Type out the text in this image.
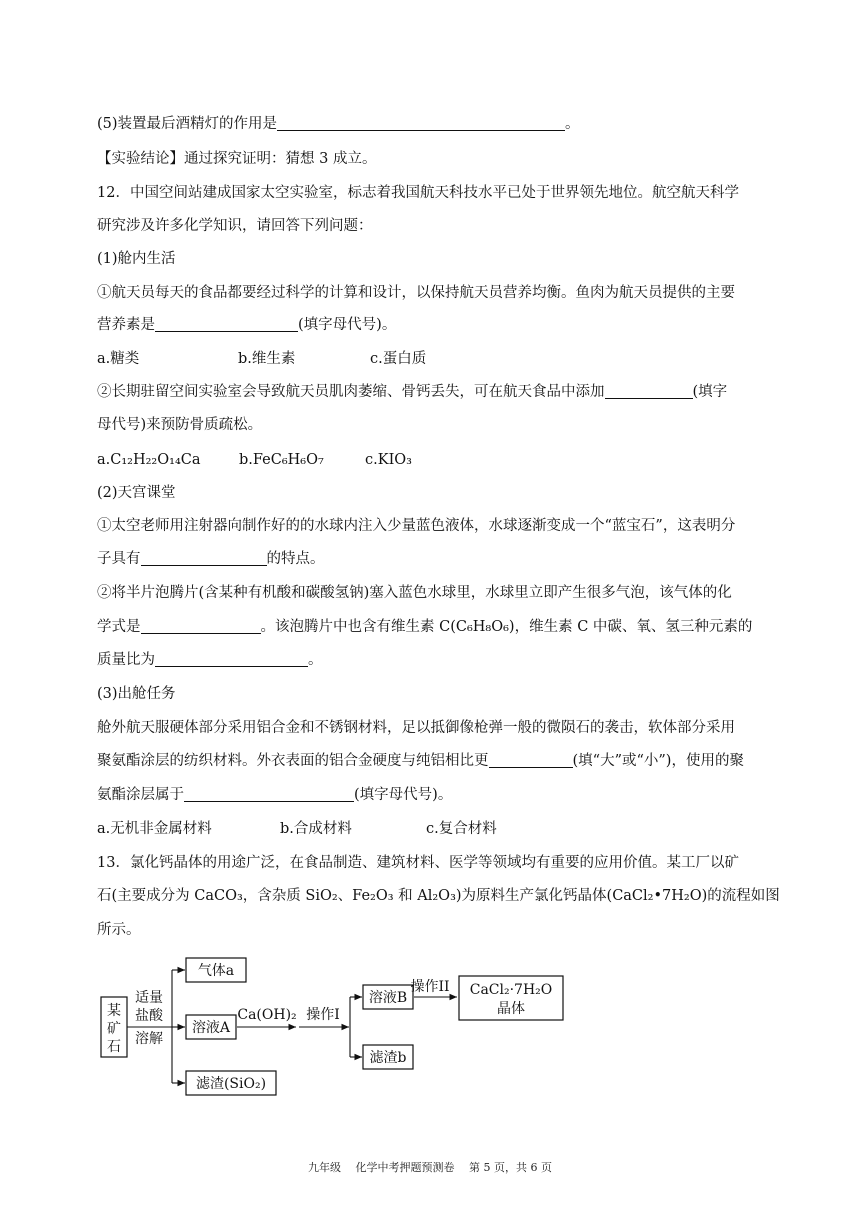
(5)装置最后酒精灯的作用是	。
【实验结论】通过探究证明：猜想 3 成立。
12．中国空间站建成国家太空实验室，标志着我国航天科技水平已处于世界领先地位。航空航天科学
研究涉及许多化学知识，请回答下列问题：
(1)舱内生活
①航天员每天的食品都要经过科学的计算和设计，以保持航天员营养均衡。鱼肉为航天员提供的主要
营养素是	(填字母代号)。
a.糖类	b.维生素	c.蛋白质
②长期驻留空间实验室会导致航天员肌肉萎缩、骨钙丢失，可在航天食品中添加	(填字
母代号)来预防骨质疏松。
a.C₁₂H₂₂O₁₄Ca	b.FeC₆H₆O₇	c.KIO₃
(2)天宫课堂
①太空老师用注射器向制作好的的水球内注入少量蓝色液体，水球逐渐变成一个“蓝宝石”，这表明分
子具有	的特点。
②将半片泡腾片(含某种有机酸和碳酸氢钠)塞入蓝色水球里，水球里立即产生很多气泡，该气体的化
学式是	。该泡腾片中也含有维生素 C(C₆H₈O₆)，维生素 C 中碳、氧、氢三种元素的
质量比为	。
(3)出舱任务
舱外航天服硬体部分采用铝合金和不锈钢材料，足以抵御像枪弹一般的微陨石的袭击，软体部分采用
聚氨酯涂层的纺织材料。外衣表面的铝合金硬度与纯铝相比更	(填“大”或“小”)，使用的聚
氨酯涂层属于	(填字母代号)。
a.无机非金属材料	b.合成材料	c.复合材料
13．氯化钙晶体的用途广泛，在食品制造、建筑材料、医学等领域均有重要的应用价值。某工厂以矿
石(主要成分为 CaCO₃，含杂质 SiO₂、Fe₂O₃ 和 Al₂O₃)为原料生产氯化钙晶体(CaCl₂•7H₂O)的流程如图
所示。
某
矿
石
适量
盐酸
溶解
气体a
溶液A
滤渣(SiO₂)
Ca(OH)₂ 操作I
溶液B
滤渣b
操作II CaCl₂·7H₂O
晶体
九年级　 化学中考押题预测卷　 第 5 页，共 6 页
